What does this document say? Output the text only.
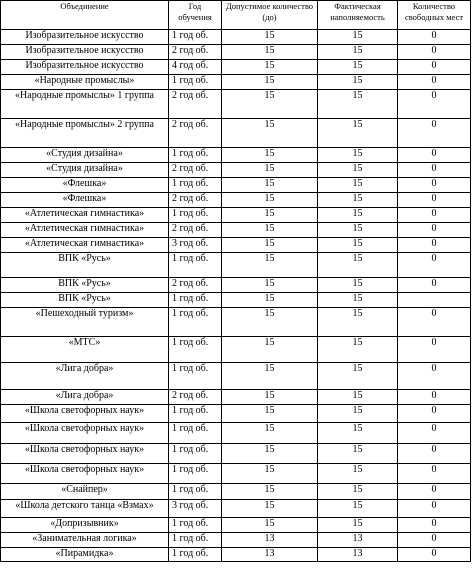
Объединение	Год обучения	Допустимое количество (до)	Фактическая наполняемость	Количество свободных мест
Изобразительное искусство	1 год об.	15	15	0
Изобразительное искусство	2 год об.	15	15	0
Изобразительное искусство	4 год об.	15	15	0
«Народные промыслы»	1 год об.	15	15	0
«Народные промыслы» 1 группа	2 год об.	15	15	0
«Народные промыслы» 2 группа	2 год об.	15	15	0
«Студия дизайна»	1 год об.	15	15	0
«Студия дизайна»	2 год об.	15	15	0
«Флешка»	1 год об.	15	15	0
«Флешка»	2 год об.	15	15	0
«Атлетическая гимнастика»	1 год об.	15	15	0
«Атлетическая гимнастика»	2 год об.	15	15	0
«Атлетическая гимнастика»	3 год об.	15	15	0
ВПК «Русь»	1 год об.	15	15	0
ВПК «Русь»	2 год об.	15	15	0
ВПК «Русь»	1 год об.	15	15	
«Пешеходный туризм»	1 год об.	15	15	0
«МТС»	1 год об.	15	15	0
«Лига добра»	1 год об.	15	15	0
«Лига добра»	2 год об.	15	15	0
«Школа светофорных наук»	1 год об.	15	15	0
«Школа светофорных наук»	1 год об.	15	15	0
«Школа светофорных наук»	1 год об.	15	15	0
«Школа светофорных наук»	1 год об.	15	15	0
«Снайпер»	1 год об.	15	15	0
«Школа детского танца «Взмах»	3 год об.	15	15	0
«Допризывник»	1 год об.	15	15	0
«Занимательная логика»	1 год об.	13	13	0
«Пирамидка»	1 год об.	13	13	0
